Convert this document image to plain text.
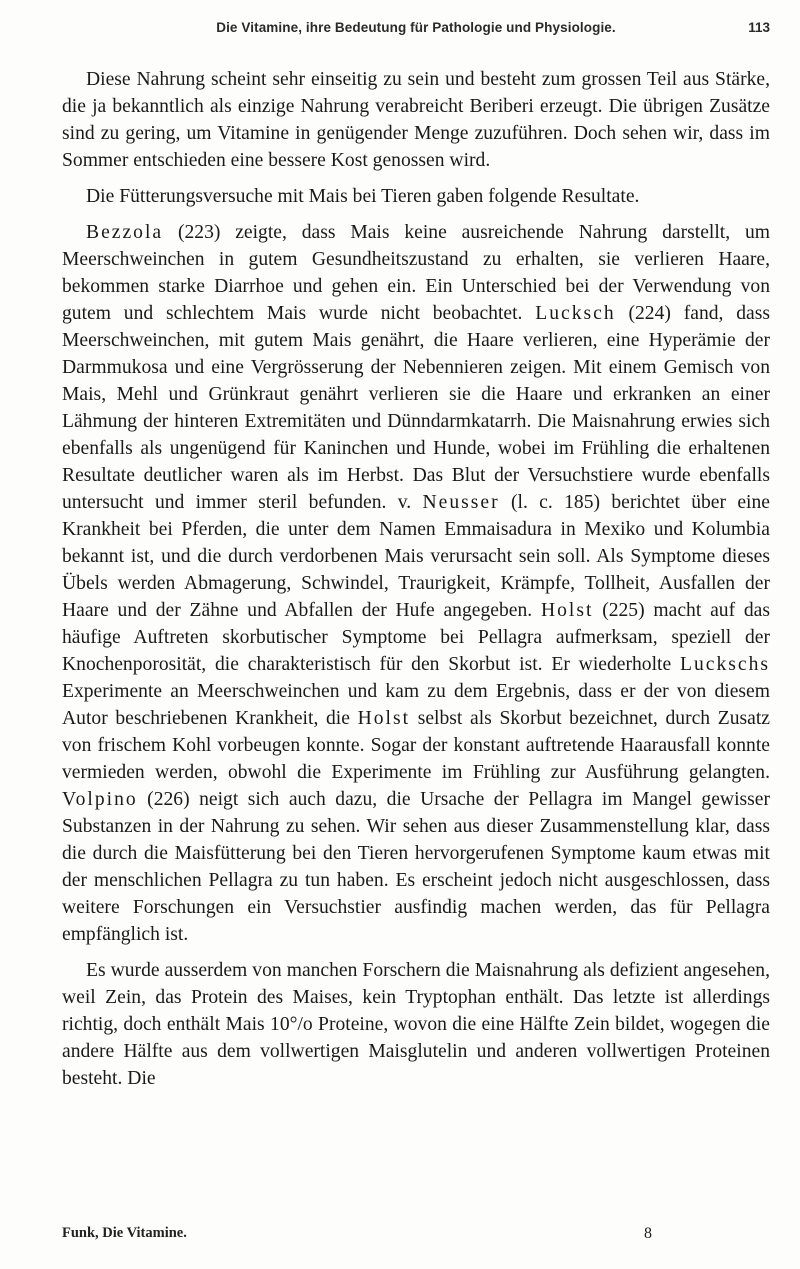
Die Vitamine, ihre Bedeutung für Pathologie und Physiologie.	113

Diese Nahrung scheint sehr einseitig zu sein und besteht zum grossen Teil aus Stärke, die ja bekanntlich als einzige Nahrung verabreicht Beriberi erzeugt. Die übrigen Zusätze sind zu gering, um Vitamine in genügender Menge zuzuführen. Doch sehen wir, dass im Sommer entschieden eine bessere Kost genossen wird.

Die Fütterungsversuche mit Mais bei Tieren gaben folgende Resultate.

Bezzola (223) zeigte, dass Mais keine ausreichende Nahrung darstellt, um Meerschweinchen in gutem Gesundheitszustand zu erhalten, sie verlieren Haare, bekommen starke Diarrhoe und gehen ein. Ein Unterschied bei der Verwendung von gutem und schlechtem Mais wurde nicht beobachtet. Lucksch (224) fand, dass Meerschweinchen, mit gutem Mais genährt, die Haare verlieren, eine Hyperämie der Darmmukosa und eine Vergrösserung der Nebennieren zeigen. Mit einem Gemisch von Mais, Mehl und Grünkraut genährt verlieren sie die Haare und erkranken an einer Lähmung der hinteren Extremitäten und Dünndarmkatarrh. Die Maisnahrung erwies sich ebenfalls als ungenügend für Kaninchen und Hunde, wobei im Frühling die erhaltenen Resultate deutlicher waren als im Herbst. Das Blut der Versuchstiere wurde ebenfalls untersucht und immer steril befunden. v. Neusser (l. c. 185) berichtet über eine Krankheit bei Pferden, die unter dem Namen Emmaisadura in Mexiko und Kolumbia bekannt ist, und die durch verdorbenen Mais verursacht sein soll. Als Symptome dieses Übels werden Abmagerung, Schwindel, Traurigkeit, Krämpfe, Tollheit, Ausfallen der Haare und der Zähne und Abfallen der Hufe angegeben. Holst (225) macht auf das häufige Auftreten skorbutischer Symptome bei Pellagra aufmerksam, speziell der Knochenporosität, die charakteristisch für den Skorbut ist. Er wiederholte Luckschs Experimente an Meerschweinchen und kam zu dem Ergebnis, dass er der von diesem Autor beschriebenen Krankheit, die Holst selbst als Skorbut bezeichnet, durch Zusatz von frischem Kohl vorbeugen konnte. Sogar der konstant auftretende Haarausfall konnte vermieden werden, obwohl die Experimente im Frühling zur Ausführung gelangten. Volpino (226) neigt sich auch dazu, die Ursache der Pellagra im Mangel gewisser Substanzen in der Nahrung zu sehen. Wir sehen aus dieser Zusammenstellung klar, dass die durch die Maisfütterung bei den Tieren hervorgerufenen Symptome kaum etwas mit der menschlichen Pellagra zu tun haben. Es erscheint jedoch nicht ausgeschlossen, dass weitere Forschungen ein Versuchstier ausfindig machen werden, das für Pellagra empfänglich ist.

Es wurde ausserdem von manchen Forschern die Maisnahrung als defizient angesehen, weil Zein, das Protein des Maises, kein Tryptophan enthält. Das letzte ist allerdings richtig, doch enthält Mais 10°/o Proteine, wovon die eine Hälfte Zein bildet, wogegen die andere Hälfte aus dem vollwertigen Maisglutelin und anderen vollwertigen Proteinen besteht. Die

Funk, Die Vitamine.	8
